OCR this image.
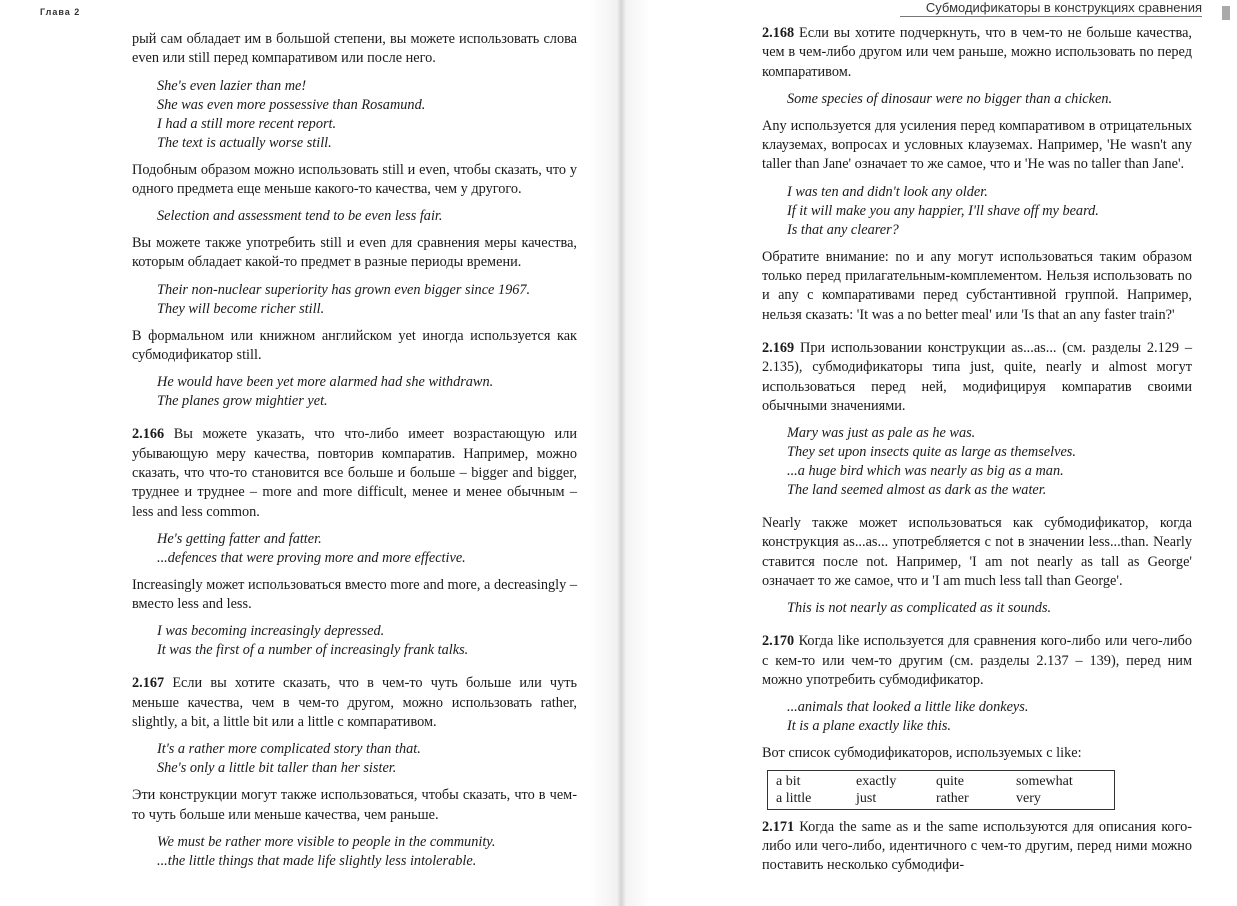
Глава 2	Субмодификаторы в конструкциях сравнения

рый сам обладает им в большой степени, вы можете использовать слова even или still перед компаративом или после него.

She's even lazier than me!
She was even more possessive than Rosamund.
I had a still more recent report.
The text is actually worse still.

Подобным образом можно использовать still и even, чтобы сказать, что у одного предмета еще меньше какого-то качества, чем у другого.

Selection and assessment tend to be even less fair.

Вы можете также употребить still и even для сравнения меры качества, которым обладает какой-то предмет в разные периоды времени.

Their non-nuclear superiority has grown even bigger since 1967.
They will become richer still.

В формальном или книжном английском yet иногда используется как субмодификатор still.

He would have been yet more alarmed had she withdrawn.
The planes grow mightier yet.

2.166 Вы можете указать, что что-либо имеет возрастающую или убывающую меру качества, повторив компаратив. Например, можно сказать, что что-то становится все больше и больше – bigger and bigger, труднее и труднее – more and more difficult, менее и менее обычным – less and less common.

He's getting fatter and fatter.
...defences that were proving more and more effective.

Increasingly может использоваться вместо more and more, а decreasingly – вместо less and less.

I was becoming increasingly depressed.
It was the first of a number of increasingly frank talks.

2.167 Если вы хотите сказать, что в чем-то чуть больше или чуть меньше качества, чем в чем-то другом, можно использовать rather, slightly, a bit, a little bit или a little с компаративом.

It's a rather more complicated story than that.
She's only a little bit taller than her sister.

Эти конструкции могут также использоваться, чтобы сказать, что в чем-то чуть больше или меньше качества, чем раньше.

We must be rather more visible to people in the community.
...the little things that made life slightly less intolerable.

2.168 Если вы хотите подчеркнуть, что в чем-то не больше качества, чем в чем-либо другом или чем раньше, можно использовать no перед компаративом.

Some species of dinosaur were no bigger than a chicken.

Any используется для усиления перед компаративом в отрицательных клауземах, вопросах и условных клауземах. Например, 'He wasn't any taller than Jane' означает то же самое, что и 'He was no taller than Jane'.

I was ten and didn't look any older.
If it will make you any happier, I'll shave off my beard.
Is that any clearer?

Обратите внимание: no и any могут использоваться таким образом только перед прилагательным-комплементом. Нельзя использовать no и any с компаративами перед субстантивной группой. Например, нельзя сказать: 'It was a no better meal' или 'Is that an any faster train?'

2.169 При использовании конструкции as...as... (см. разделы 2.129 – 2.135), субмодификаторы типа just, quite, nearly и almost могут использоваться перед ней, модифицируя компаратив своими обычными значениями.

Mary was just as pale as he was.
They set upon insects quite as large as themselves.
...a huge bird which was nearly as big as a man.
The land seemed almost as dark as the water.

Nearly также может использоваться как субмодификатор, когда конструкция as...as... употребляется с not в значении less...than. Nearly ставится после not. Например, 'I am not nearly as tall as George' означает то же самое, что и 'I am much less tall than George'.

This is not nearly as complicated as it sounds.

2.170 Когда like используется для сравнения кого-либо или чего-либо с кем-то или чем-то другим (см. разделы 2.137 – 139), перед ним можно употребить субмодификатор.

...animals that looked a little like donkeys.
It is a plane exactly like this.

Вот список субмодификаторов, используемых с like:

a bit	exactly	quite	somewhat
a little	just	rather	very

2.171 Когда the same as и the same используются для описания кого-либо или чего-либо, идентичного с чем-то другим, перед ними можно поставить несколько субмодифи-
